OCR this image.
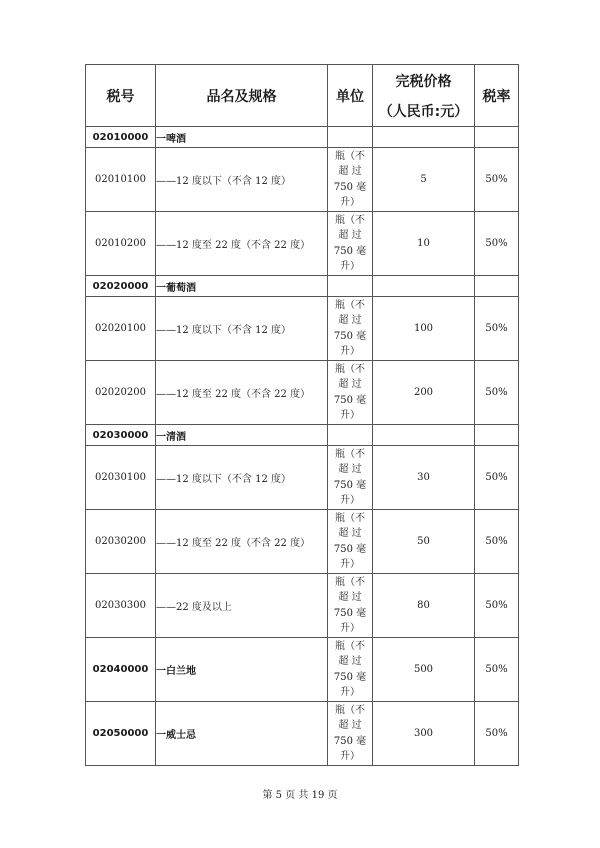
税号	品名及规格	单位	完税价格
（人民币:元）	税率
02010000	一啤酒			
02010100	——12 度以下（不含 12 度）	瓶（不
超 过
750 毫
升）	5	50%
02010200	——12 度至 22 度（不含 22 度）	瓶（不
超 过
750 毫
升）	10	50%
02020000	一葡萄酒			
02020100	——12 度以下（不含 12 度）	瓶（不
超 过
750 毫
升）	100	50%
02020200	——12 度至 22 度（不含 22 度）	瓶（不
超 过
750 毫
升）	200	50%
02030000	一清酒			
02030100	——12 度以下（不含 12 度）	瓶（不
超 过
750 毫
升）	30	50%
02030200	——12 度至 22 度（不含 22 度）	瓶（不
超 过
750 毫
升）	50	50%
02030300	——22 度及以上	瓶（不
超 过
750 毫
升）	80	50%
02040000	一白兰地	瓶（不
超 过
750 毫
升）	500	50%
02050000	一威士忌	瓶（不
超 过
750 毫
升）	300	50%
第 5 页 共 19 页
